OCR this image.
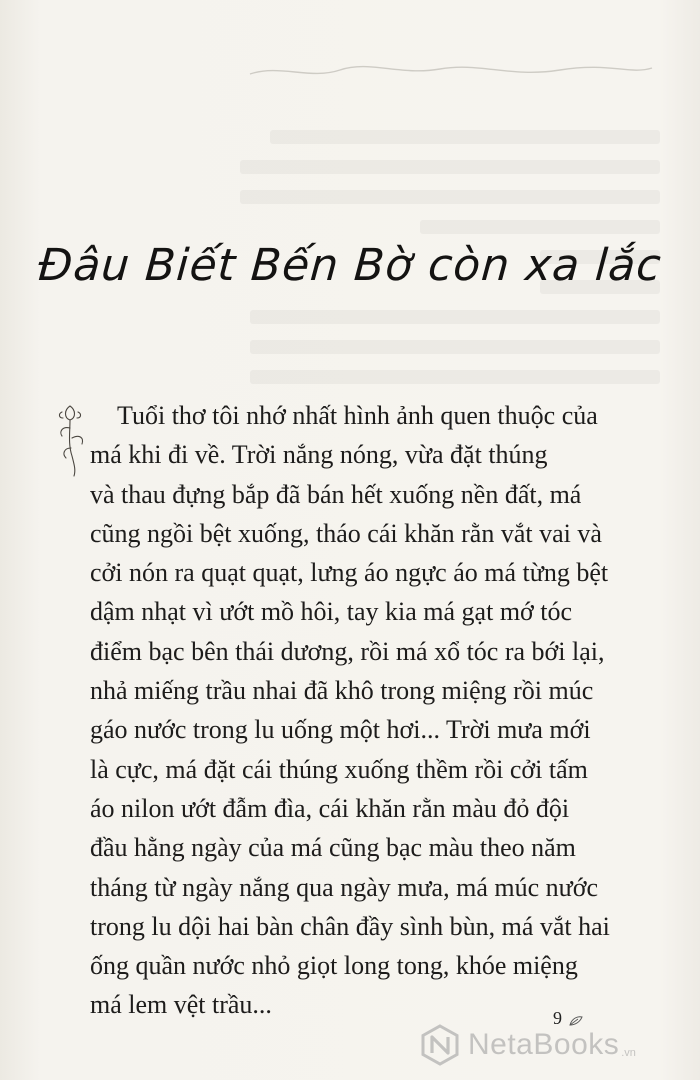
Đâu Biết Bến Bờ còn xa lắc
Tuổi thơ tôi nhớ nhất hình ảnh quen thuộc của
má khi đi về. Trời nắng nóng, vừa đặt thúng
và thau đựng bắp đã bán hết xuống nền đất, má
cũng ngồi bệt xuống, tháo cái khăn rằn vắt vai và
cởi nón ra quạt quạt, lưng áo ngực áo má từng bệt
dậm nhạt vì ướt mồ hôi, tay kia má gạt mớ tóc
điểm bạc bên thái dương, rồi má xổ tóc ra bới lại,
nhả miếng trầu nhai đã khô trong miệng rồi múc
gáo nước trong lu uống một hơi... Trời mưa mới
là cực, má đặt cái thúng xuống thềm rồi cởi tấm
áo nilon ướt đẫm đìa, cái khăn rằn màu đỏ đội
đầu hằng ngày của má cũng bạc màu theo năm
tháng từ ngày nắng qua ngày mưa, má múc nước
trong lu dội hai bàn chân đầy sình bùn, má vắt hai
ống quần nước nhỏ giọt long tong, khóe miệng
má lem vệt trầu...	9
NetaBooks .vn
